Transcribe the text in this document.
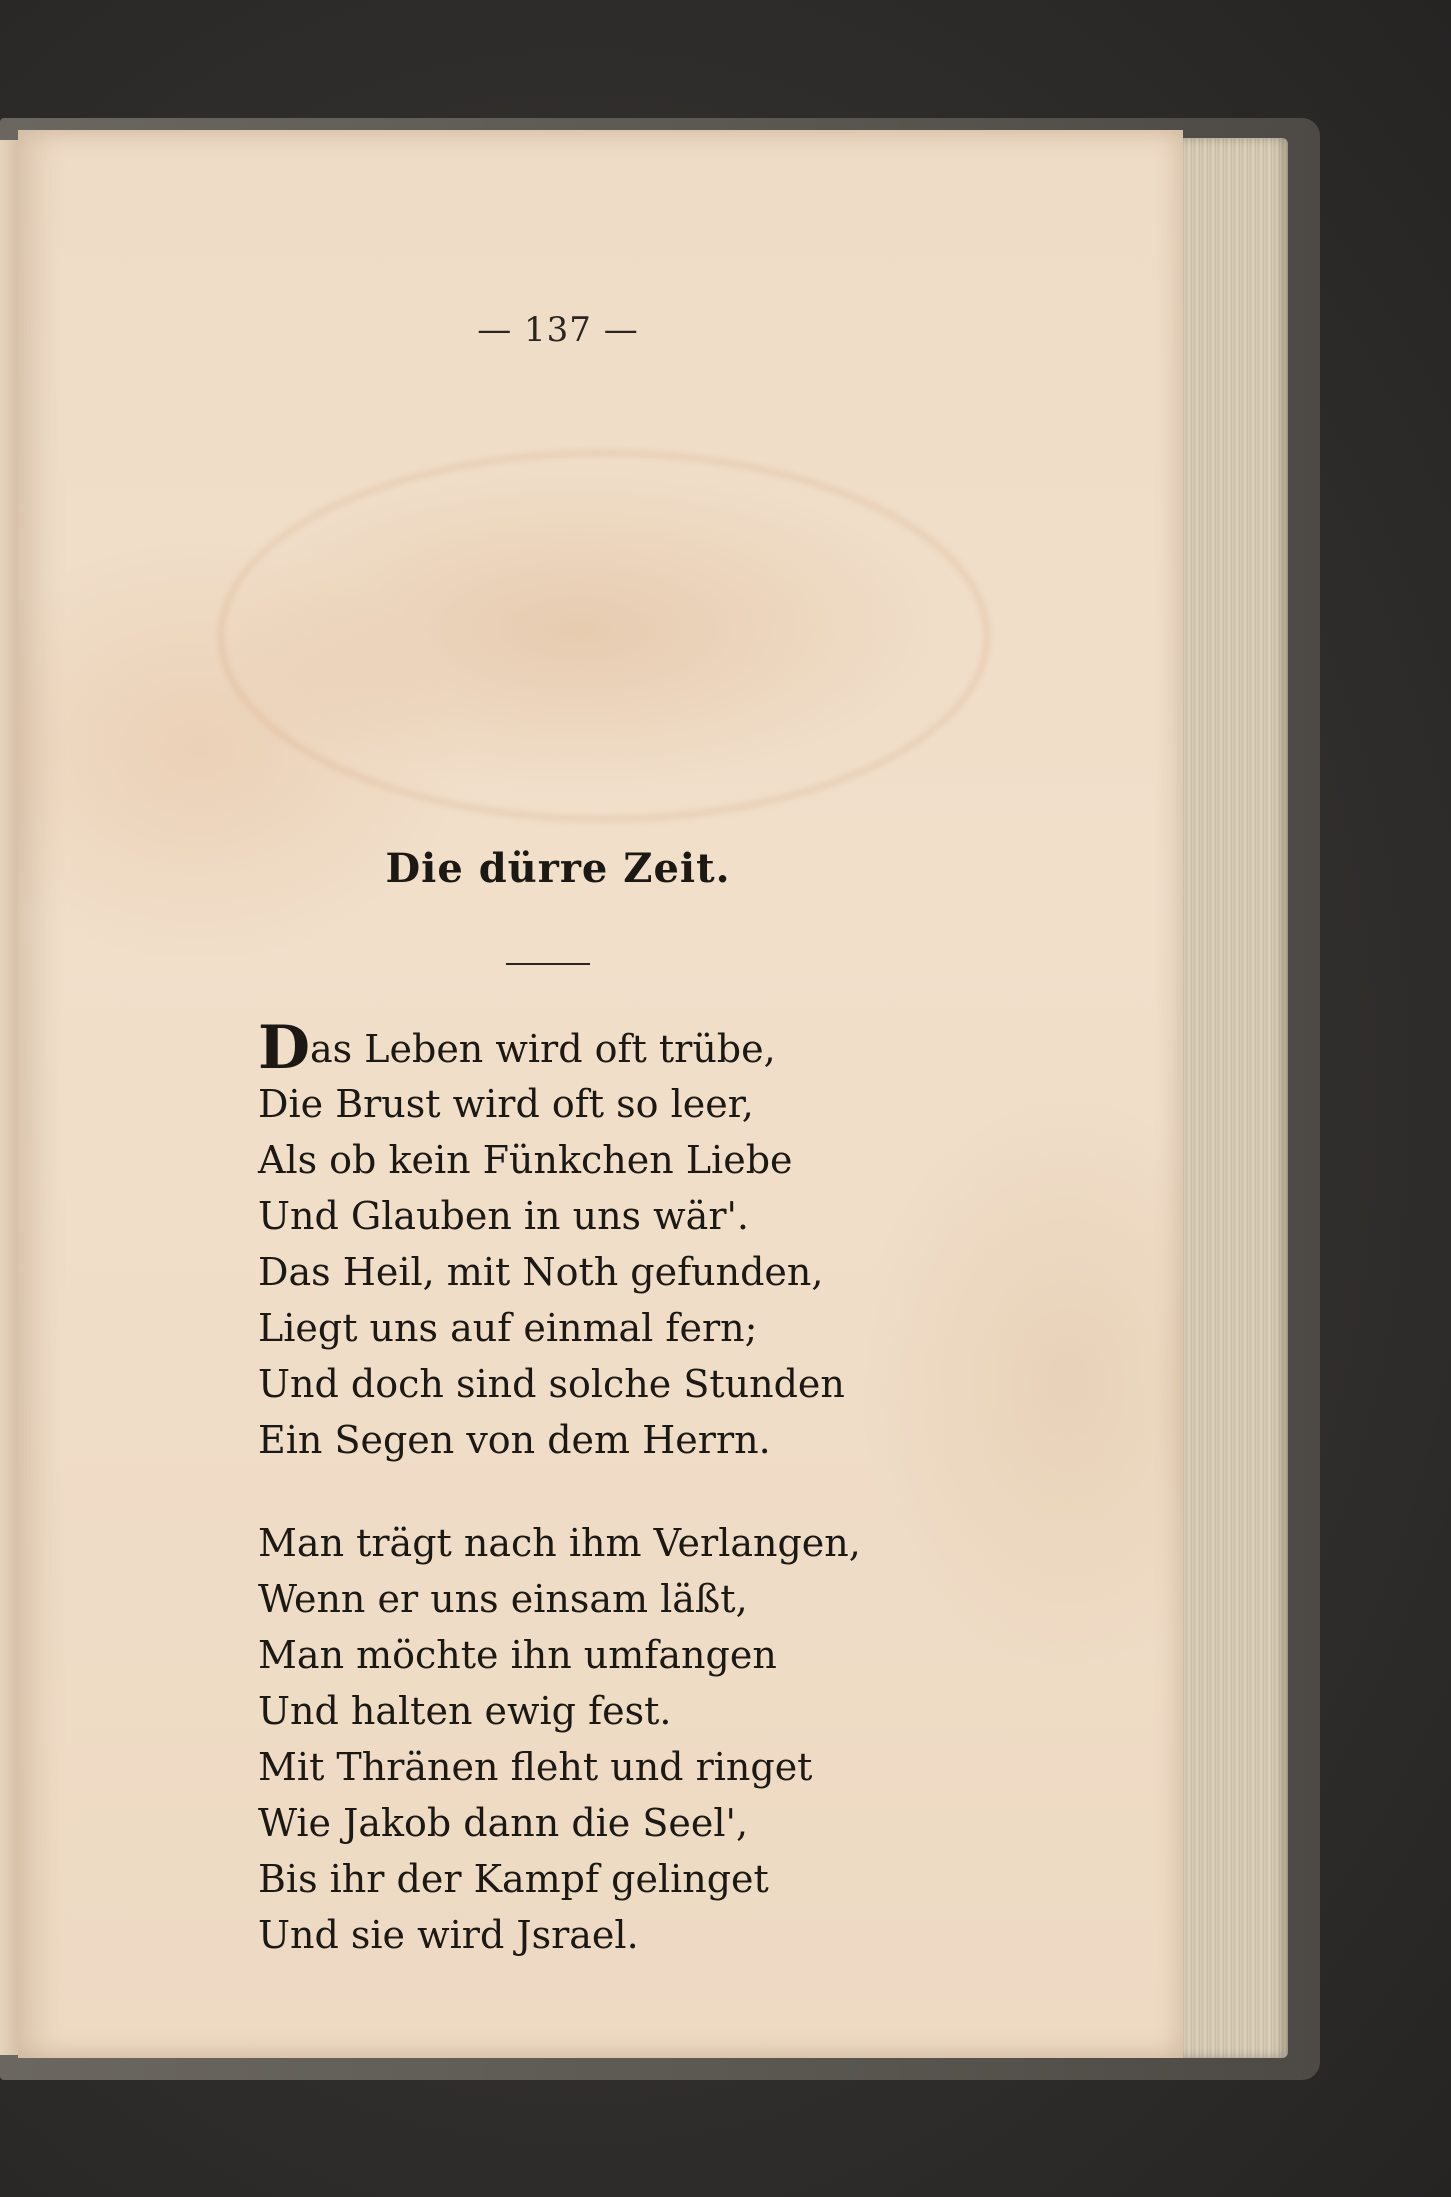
— 137 —
Die dürre Zeit.
Das Leben wird oft trübe,
Die Brust wird oft so leer,
Als ob kein Fünkchen Liebe
Und Glauben in uns wär'.
Das Heil, mit Noth gefunden,
Liegt uns auf einmal fern;
Und doch sind solche Stunden
Ein Segen von dem Herrn.
Man trägt nach ihm Verlangen,
Wenn er uns einsam läßt,
Man möchte ihn umfangen
Und halten ewig fest.
Mit Thränen fleht und ringet
Wie Jakob dann die Seel',
Bis ihr der Kampf gelinget
Und sie wird Jsrael.
